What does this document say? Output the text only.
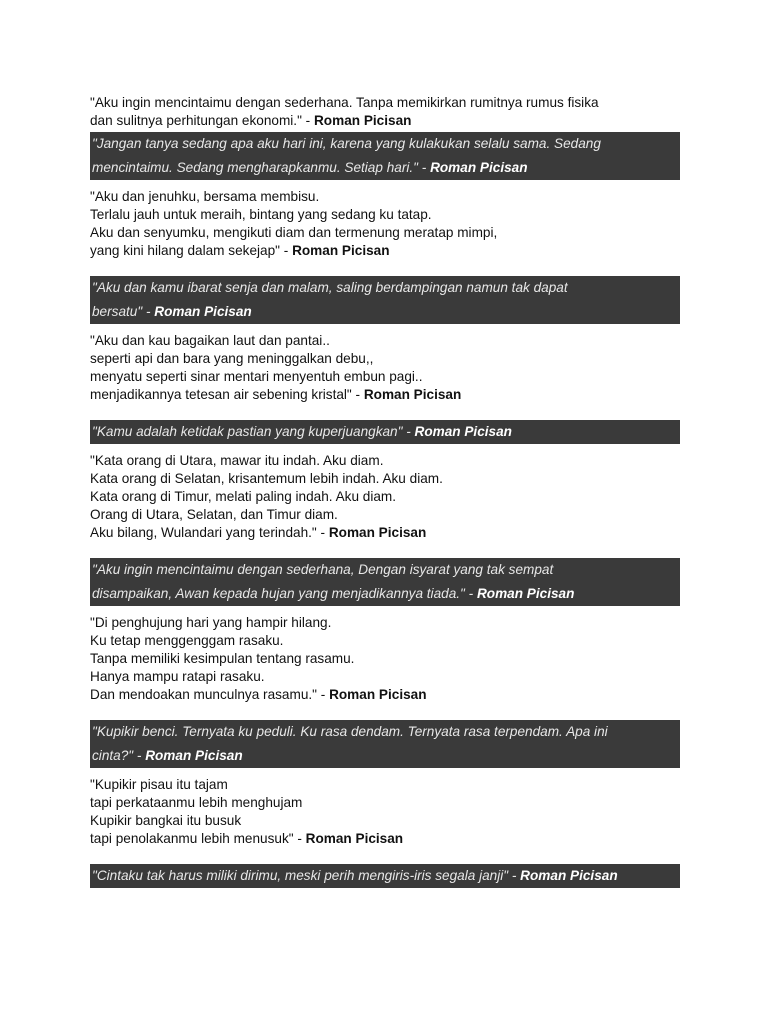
"Aku ingin mencintaimu dengan sederhana. Tanpa memikirkan rumitnya rumus fisika
dan sulitnya perhitungan ekonomi." - Roman Picisan

"Jangan tanya sedang apa aku hari ini, karena yang kulakukan selalu sama. Sedang
mencintaimu. Sedang mengharapkanmu. Setiap hari." - Roman Picisan

"Aku dan jenuhku, bersama membisu.
Terlalu jauh untuk meraih, bintang yang sedang ku tatap.
Aku dan senyumku, mengikuti diam dan termenung meratap mimpi,
yang kini hilang dalam sekejap" - Roman Picisan

"Aku dan kamu ibarat senja dan malam, saling berdampingan namun tak dapat
bersatu" - Roman Picisan

"Aku dan kau bagaikan laut dan pantai..
seperti api dan bara yang meninggalkan debu,,
menyatu seperti sinar mentari menyentuh embun pagi..
menjadikannya tetesan air sebening kristal" - Roman Picisan

"Kamu adalah ketidak pastian yang kuperjuangkan" - Roman Picisan

"Kata orang di Utara, mawar itu indah. Aku diam.
Kata orang di Selatan, krisantemum lebih indah. Aku diam.
Kata orang di Timur, melati paling indah. Aku diam.
Orang di Utara, Selatan, dan Timur diam.
Aku bilang, Wulandari yang terindah." - Roman Picisan

"Aku ingin mencintaimu dengan sederhana, Dengan isyarat yang tak sempat
disampaikan, Awan kepada hujan yang menjadikannya tiada." - Roman Picisan

"Di penghujung hari yang hampir hilang.
Ku tetap menggenggam rasaku.
Tanpa memiliki kesimpulan tentang rasamu.
Hanya mampu ratapi rasaku.
Dan mendoakan munculnya rasamu." - Roman Picisan

"Kupikir benci. Ternyata ku peduli. Ku rasa dendam. Ternyata rasa terpendam. Apa ini
cinta?" - Roman Picisan

"Kupikir pisau itu tajam
tapi perkataanmu lebih menghujam
Kupikir bangkai itu busuk
tapi penolakanmu lebih menusuk" - Roman Picisan

"Cintaku tak harus miliki dirimu, meski perih mengiris-iris segala janji" - Roman Picisan
